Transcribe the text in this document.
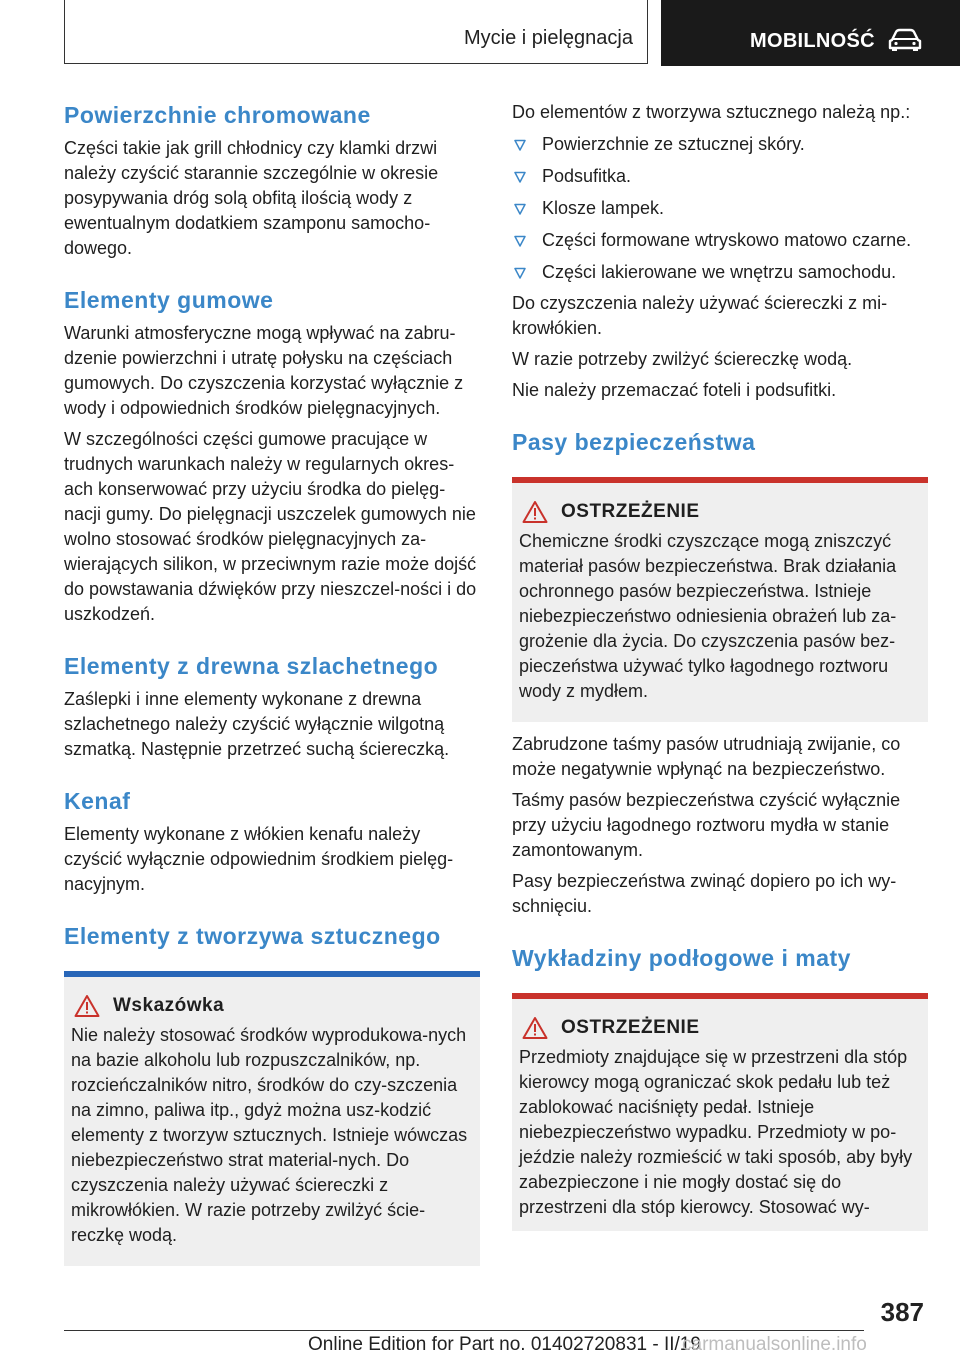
Mycie i pielęgnacja	MOBILNOŚĆ
Powierzchnie chromowane

Części takie jak grill chłodnicy czy klamki drzwi należy czyścić starannie szczególnie w okresie posypywania dróg solą obfitą ilością wody z ewentualnym dodatkiem szamponu samocho‐dowego.

Elementy gumowe

Warunki atmosferyczne mogą wpływać na zabru‐dzenie powierzchni i utratę połysku na częściach gumowych. Do czyszczenia korzystać wyłącznie z wody i odpowiednich środków pielęgnacyjnych.

W szczególności części gumowe pracujące w trudnych warunkach należy w regularnych okres‐ach konserwować przy użyciu środka do pielęg‐nacji gumy. Do pielęgnacji uszczelek gumowych nie wolno stosować środków pielęgnacyjnych za‐wierających silikon, w przeciwnym razie może dojść do powstawania dźwięków przy nieszczel‐ności i do uszkodzeń.

Elementy z drewna szlachetnego

Zaślepki i inne elementy wykonane z drewna szlachetnego należy czyścić wyłącznie wilgotną szmatką. Następnie przetrzeć suchą ściereczką.

Kenaf

Elementy wykonane z włókien kenafu należy czyścić wyłącznie odpowiednim środkiem pielęg‐nacyjnym.

Elementy z tworzywa sztucznego
Wskazówka

Nie należy stosować środków wyprodukowa‐nych na bazie alkoholu lub rozpuszczalników, np. rozcieńczalników nitro, środków do czy‐szczenia na zimno, paliwa itp., gdyż można usz‐kodzić elementy z tworzyw sztucznych. Istnieje wówczas niebezpieczeństwo strat material‐nych. Do czyszczenia należy używać ściereczki z mikrowłókien. W razie potrzeby zwilżyć ście‐reczkę wodą.

Do elementów z tworzywa sztucznego należą np.:

Powierzchnie ze sztucznej skóry.
Podsufitka.
Klosze lampek.
Części formowane wtryskowo matowo czarne.
Części lakierowane we wnętrzu samochodu.

Do czyszczenia należy używać ściereczki z mi‐krowłókien.

W razie potrzeby zwilżyć ściereczkę wodą.

Nie należy przemaczać foteli i podsufitki.

Pasy bezpieczeństwa
OSTRZEŻENIE

Chemiczne środki czyszczące mogą zniszczyć materiał pasów bezpieczeństwa. Brak działania ochronnego pasów bezpieczeństwa. Istnieje niebezpieczeństwo odniesienia obrażeń lub za‐grożenie dla życia. Do czyszczenia pasów bez‐pieczeństwa używać tylko łagodnego roztworu wody z mydłem.

Zabrudzone taśmy pasów utrudniają zwijanie, co może negatywnie wpłynąć na bezpieczeństwo.

Taśmy pasów bezpieczeństwa czyścić wyłącznie przy użyciu łagodnego roztworu mydła w stanie zamontowanym.

Pasy bezpieczeństwa zwinąć dopiero po ich wy‐schnięciu.

Wykładziny podłogowe i maty
OSTRZEŻENIE

Przedmioty znajdujące się w przestrzeni dla stóp kierowcy mogą ograniczać skok pedału lub też zablokować naciśnięty pedał. Istnieje niebezpieczeństwo wypadku. Przedmioty w po‐jeździe należy rozmieścić w taki sposób, aby były zabezpieczone i nie mogły dostać się do przestrzeni dla stóp kierowcy. Stosować wy‐

387
Online Edition for Part no. 01402720831 - II/19
carmanualsonline.info
